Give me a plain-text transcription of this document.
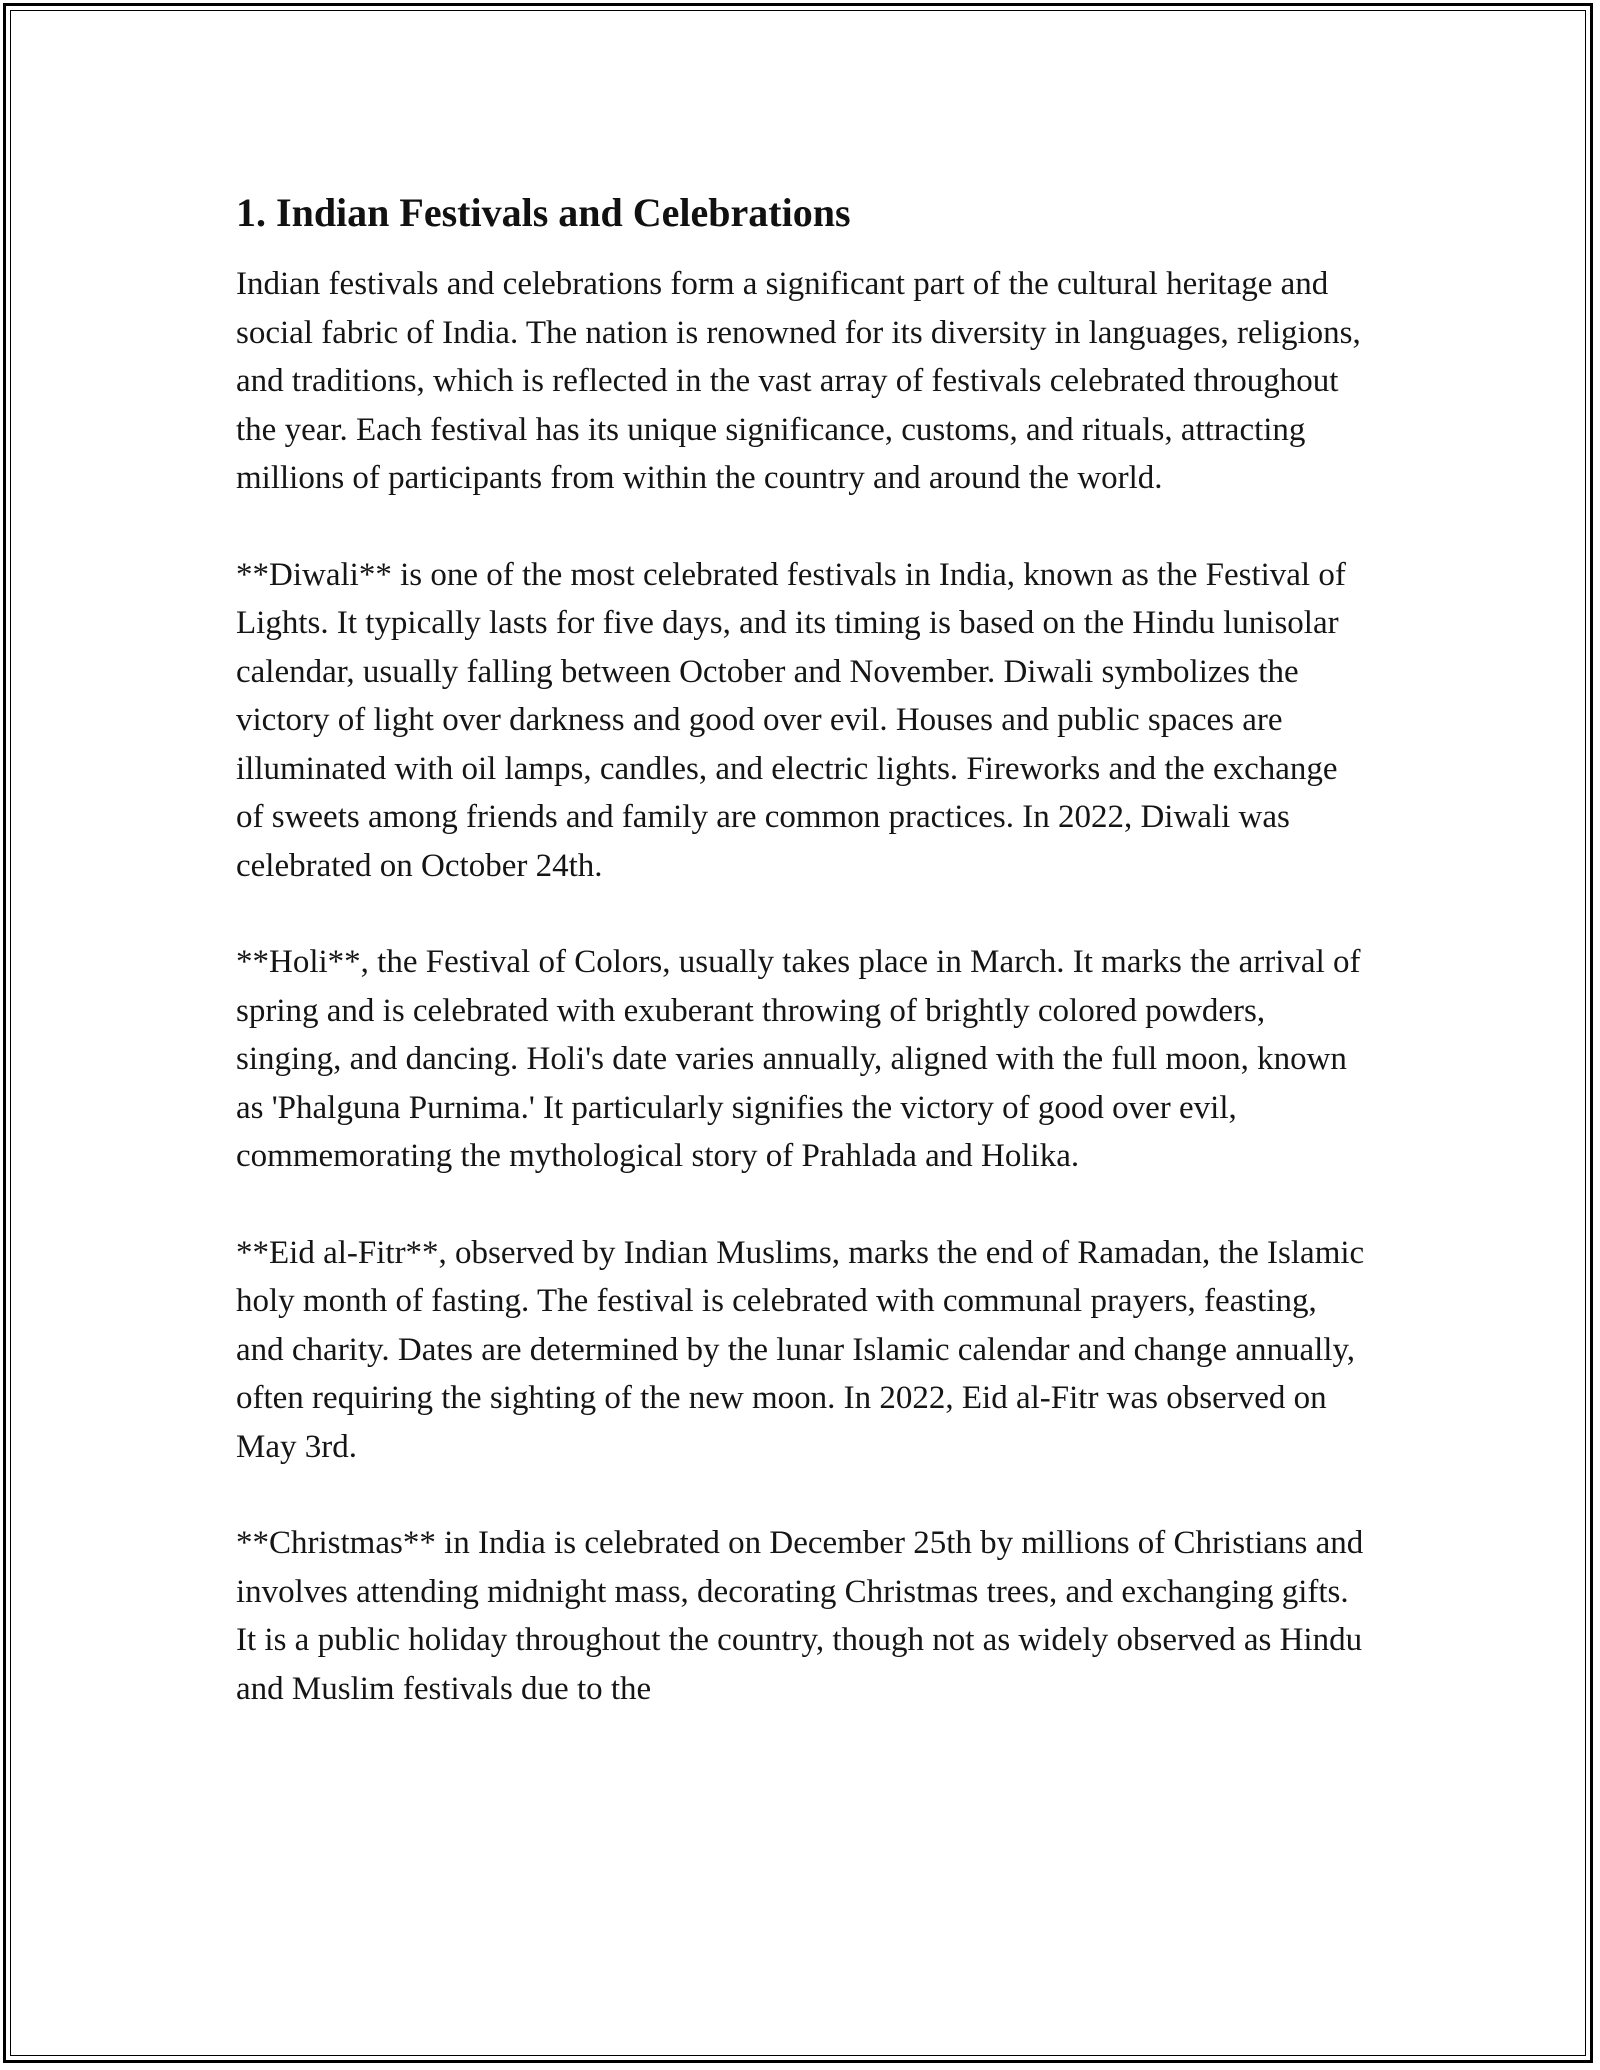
1. Indian Festivals and Celebrations

Indian festivals and celebrations form a significant part of the cultural heritage and social fabric of India. The nation is renowned for its diversity in languages, religions, and traditions, which is reflected in the vast array of festivals celebrated throughout the year. Each festival has its unique significance, customs, and rituals, attracting millions of participants from within the country and around the world.

**Diwali** is one of the most celebrated festivals in India, known as the Festival of Lights. It typically lasts for five days, and its timing is based on the Hindu lunisolar calendar, usually falling between October and November. Diwali symbolizes the victory of light over darkness and good over evil. Houses and public spaces are illuminated with oil lamps, candles, and electric lights. Fireworks and the exchange of sweets among friends and family are common practices. In 2022, Diwali was celebrated on October 24th.

**Holi**, the Festival of Colors, usually takes place in March. It marks the arrival of spring and is celebrated with exuberant throwing of brightly colored powders, singing, and dancing. Holi's date varies annually, aligned with the full moon, known as 'Phalguna Purnima.' It particularly signifies the victory of good over evil, commemorating the mythological story of Prahlada and Holika.

**Eid al-Fitr**, observed by Indian Muslims, marks the end of Ramadan, the Islamic holy month of fasting. The festival is celebrated with communal prayers, feasting, and charity. Dates are determined by the lunar Islamic calendar and change annually, often requiring the sighting of the new moon. In 2022, Eid al-Fitr was observed on May 3rd.

**Christmas** in India is celebrated on December 25th by millions of Christians and involves attending midnight mass, decorating Christmas trees, and exchanging gifts. It is a public holiday throughout the country, though not as widely observed as Hindu and Muslim festivals due to the
